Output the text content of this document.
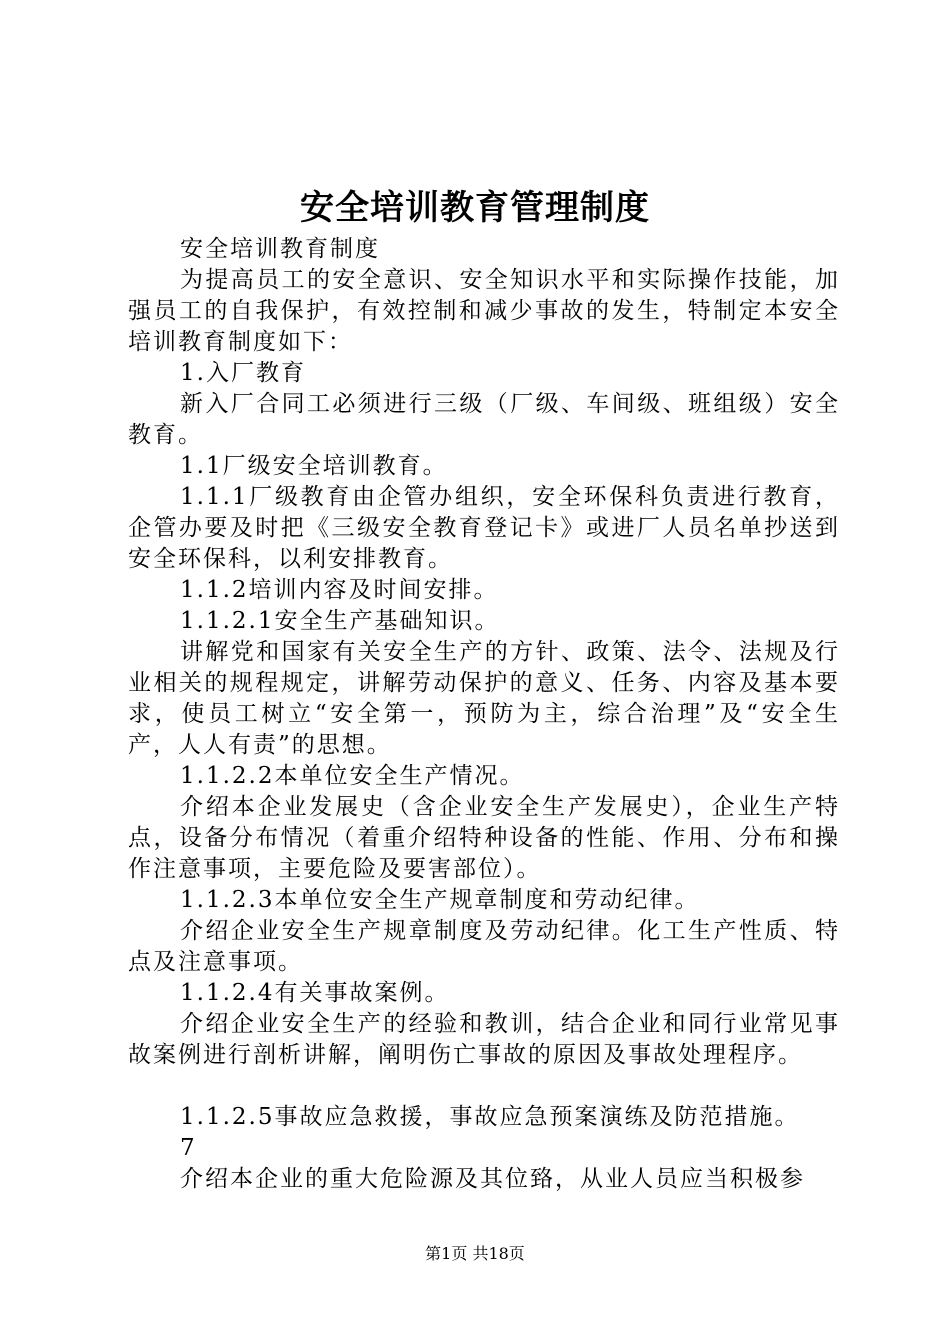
安全培训教育管理制度

安全培训教育制度

为提高员工的安全意识、安全知识水平和实际操作技能，加强员工的自我保护，有效控制和减少事故的发生，特制定本安全培训教育制度如下：

1.入厂教育

新入厂合同工必须进行三级（厂级、车间级、班组级）安全教育。

1.1厂级安全培训教育。

1.1.1厂级教育由企管办组织，安全环保科负责进行教育，企管办要及时把《三级安全教育登记卡》或进厂人员名单抄送到安全环保科，以利安排教育。

1.1.2培训内容及时间安排。

1.1.2.1安全生产基础知识。

讲解党和国家有关安全生产的方针、政策、法令、法规及行业相关的规程规定，讲解劳动保护的意义、任务、内容及基本要求，使员工树立“安全第一，预防为主，综合治理”及“安全生产，人人有责”的思想。

1.1.2.2本单位安全生产情况。

介绍本企业发展史（含企业安全生产发展史），企业生产特点，设备分布情况（着重介绍特种设备的性能、作用、分布和操作注意事项，主要危险及要害部位）。

1.1.2.3本单位安全生产规章制度和劳动纪律。

介绍企业安全生产规章制度及劳动纪律。化工生产性质、特点及注意事项。

1.1.2.4有关事故案例。

介绍企业安全生产的经验和教训，结合企业和同行业常见事故案例进行剖析讲解，阐明伤亡事故的原因及事故处理程序。

1.1.2.5事故应急救援，事故应急预案演练及防范措施。

7

介绍本企业的重大危险源及其位臵，从业人员应当积极参

第1页 共18页
